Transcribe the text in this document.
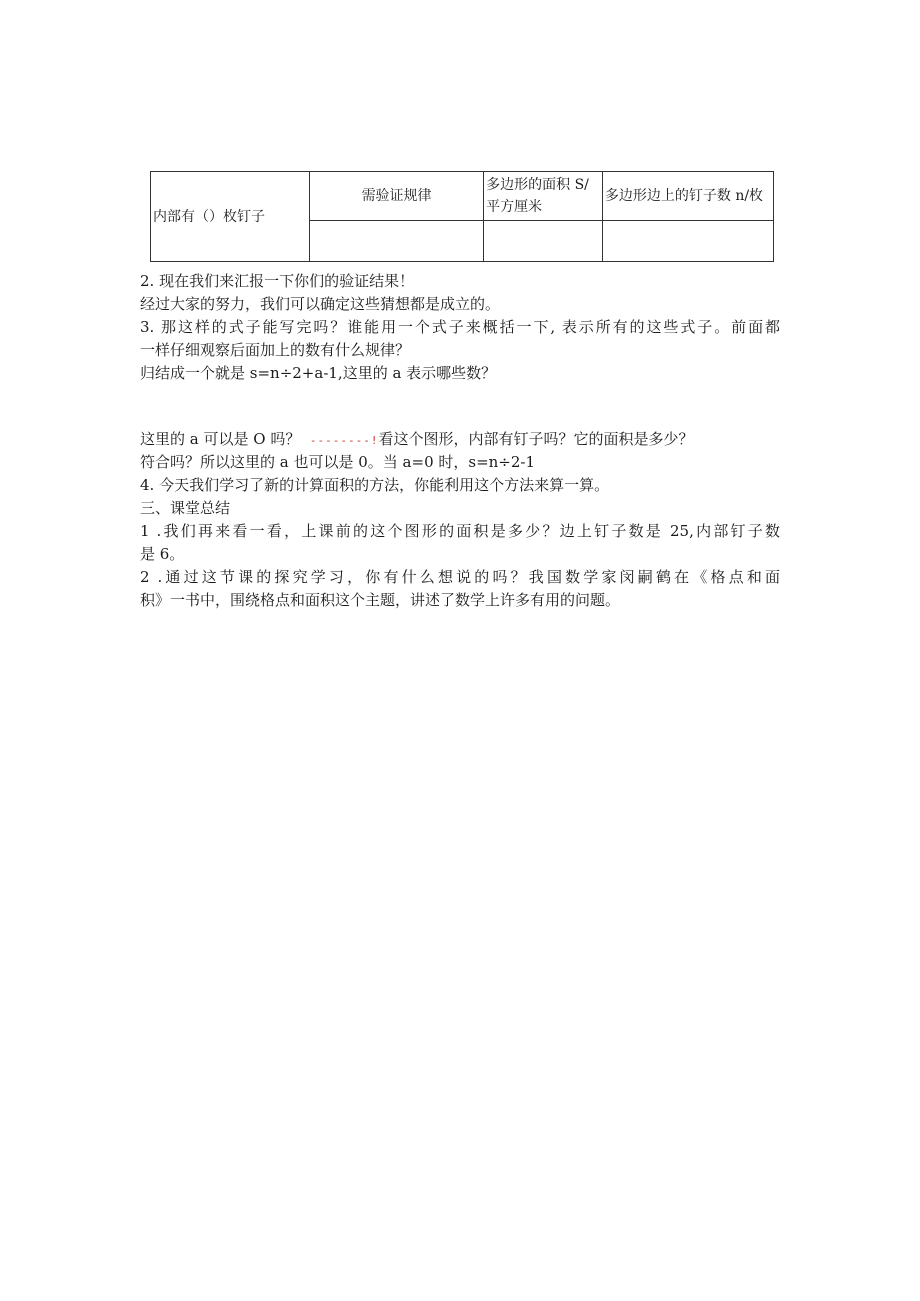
内部有（）枚钉子	需验证规律	多边形的面积 S/平方厘米	多边形边上的钉子数 n/枚

2. 现在我们来汇报一下你们的验证结果！
经过大家的努力，我们可以确定这些猜想都是成立的。
3. 那这样的式子能写完吗？谁能用一个式子来概括一下, 表示所有的这些式子。前面都
一样仔细观察后面加上的数有什么规律？
归结成一个就是 s=n÷2+a-1,这里的 a 表示哪些数？
这里的 a 可以是 O 吗？ --------!看这个图形，内部有钉子吗？它的面积是多少？
符合吗？所以这里的 a 也可以是 0。当 a=0 时，s=n÷2-1
4. 今天我们学习了新的计算面积的方法，你能利用这个方法来算一算。
三、课堂总结
1 .我们再来看一看，上课前的这个图形的面积是多少？边上钉子数是 25,内部钉子数
是 6。
2 .通过这节课的探究学习，你有什么想说的吗？我国数学家闵嗣鹤在《格点和面
积》一书中，围绕格点和面积这个主题，讲述了数学上许多有用的问题。
